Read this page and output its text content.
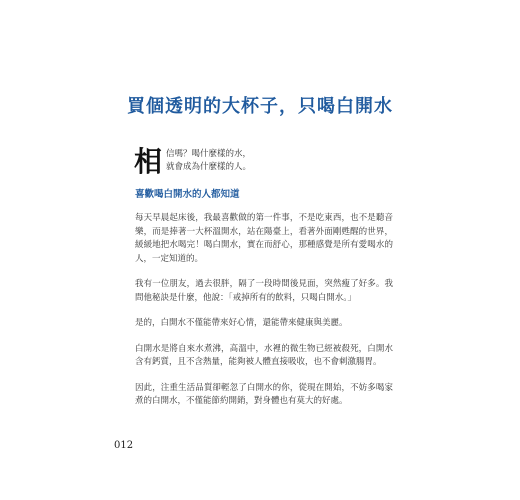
買個透明的大杯子，只喝白開水
相 信嗎？喝什麼樣的水，
就會成為什麼樣的人。
喜歡喝白開水的人都知道

每天早晨起床後，我最喜歡做的第一件事，不是吃東西，也不是聽音樂，而是捧著一大杯溫開水，站在陽臺上，看著外面剛甦醒的世界，緩緩地把水喝完！喝白開水，實在而舒心，那種感覺是所有愛喝水的人，一定知道的。

我有一位朋友，過去很胖，隔了一段時間後見面，突然瘦了好多。我問他秘訣是什麼，他說：「戒掉所有的飲料，只喝白開水。」

是的，白開水不僅能帶來好心情，還能帶來健康與美麗。

白開水是將自來水煮沸，高溫中，水裡的微生物已經被殺死，白開水含有鈣質，且不含熱量，能夠被人體直接吸收，也不會刺激腸胃。

因此，注重生活品質卻輕忽了白開水的你，從現在開始，不妨多喝家煮的白開水，不僅能節約開銷，對身體也有莫大的好處。

012
